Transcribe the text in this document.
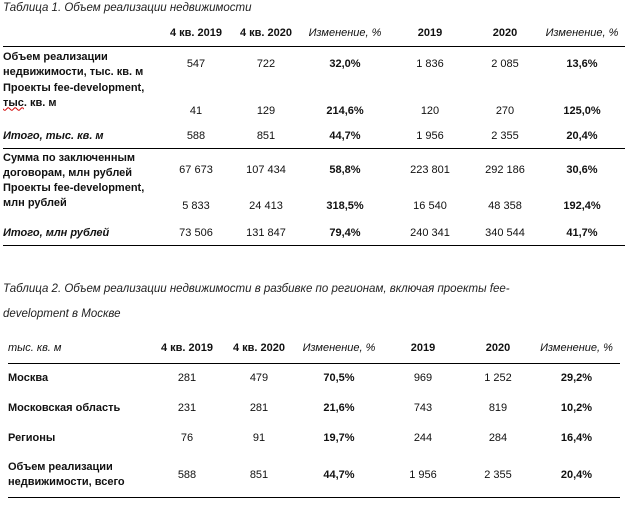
Таблица 1. Объем реализации недвижимости
	4 кв. 2019	4 кв. 2020	Изменение, %	2019	2020	Изменение, %
Объем реализации недвижимости, тыс. кв. м	547	722	32,0%	1 836	2 085	13,6%
Проекты fee-development,
тыс. кв. м	41	129	214,6%	120	270	125,0%
Итого, тыс. кв. м	588	851	44,7%	1 956	2 355	20,4%
Сумма по заключенным договорам, млн рублей	67 673	107 434	58,8%	223 801	292 186	30,6%
Проекты fee-development, млн рублей	5 833	24 413	318,5%	16 540	48 358	192,4%
Итого, млн рублей	73 506	131 847	79,4%	240 341	340 544	41,7%
Таблица 2. Объем реализации недвижимости в разбивке по регионам, включая проекты fee-
development в Москве
тыс. кв. м	4 кв. 2019	4 кв. 2020	Изменение, %	2019	2020	Изменение, %
Москва	281	479	70,5%	969	1 252	29,2%
Московская область	231	281	21,6%	743	819	10,2%
Регионы	76	91	19,7%	244	284	16,4%
Объем реализации недвижимости, всего	588	851	44,7%	1 956	2 355	20,4%
